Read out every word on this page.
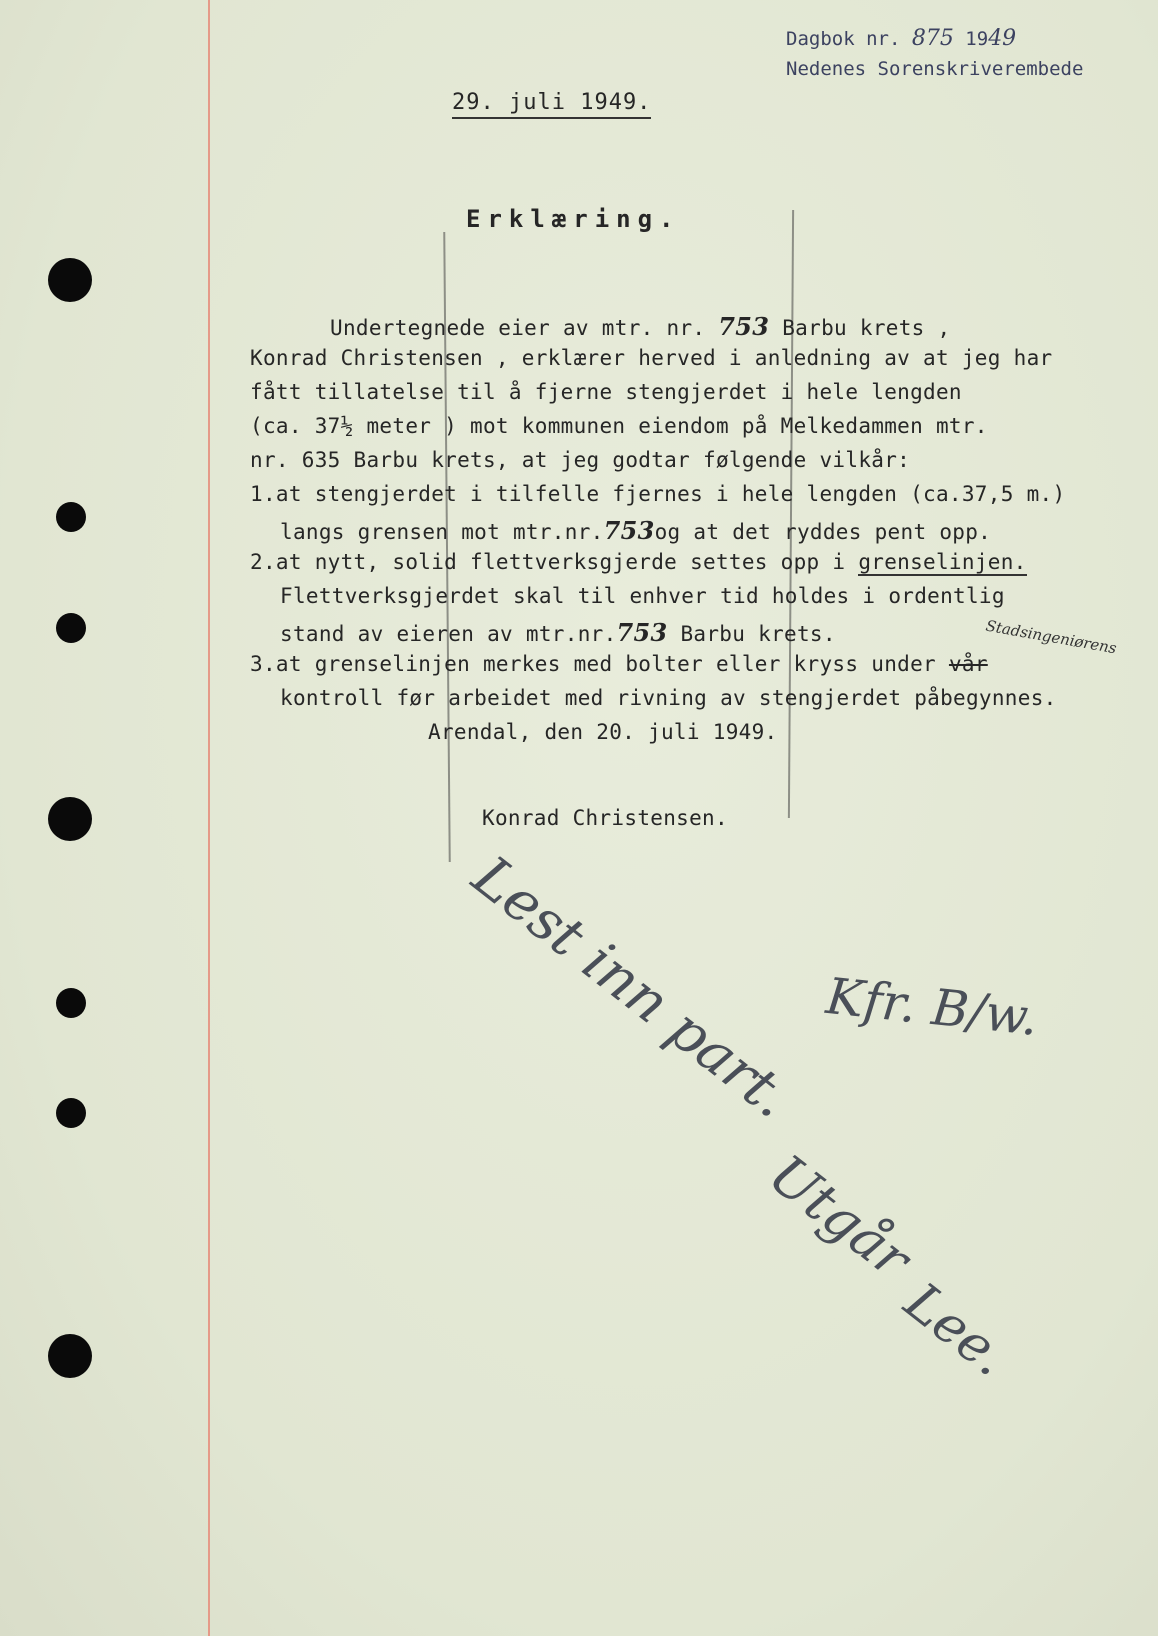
Dagbok nr. 875 1949
Nedenes Sorenskriverembede
29. juli 1949.
Erklæring.
Undertegnede eier av mtr. nr. 753 Barbu krets ,
Konrad Christensen , erklærer herved i anledning av at jeg har
fått tillatelse til å fjerne stengjerdet i hele lengden
(ca. 37½ meter ) mot kommunen eiendom på Melkedammen mtr.
nr. 635 Barbu krets, at jeg godtar følgende vilkår:
1.at stengjerdet i tilfelle fjernes i hele lengden (ca.37,5 m.)
langs grensen mot mtr.nr.753og at det ryddes pent opp.
2.at nytt, solid flettverksgjerde settes opp i grenselinjen.
Flettverksgjerdet skal til enhver tid holdes i ordentlig
stand av eieren av mtr.nr.753 Barbu krets.
3.at grenselinjen merkes med bolter eller kryss under vår
Stadsingeniørens
kontroll før arbeidet med rivning av stengjerdet påbegynnes.
Arendal, den 20. juli 1949.
Konrad Christensen.
Lest inn part. Kfr. B/w.
Utgår
Lee.
